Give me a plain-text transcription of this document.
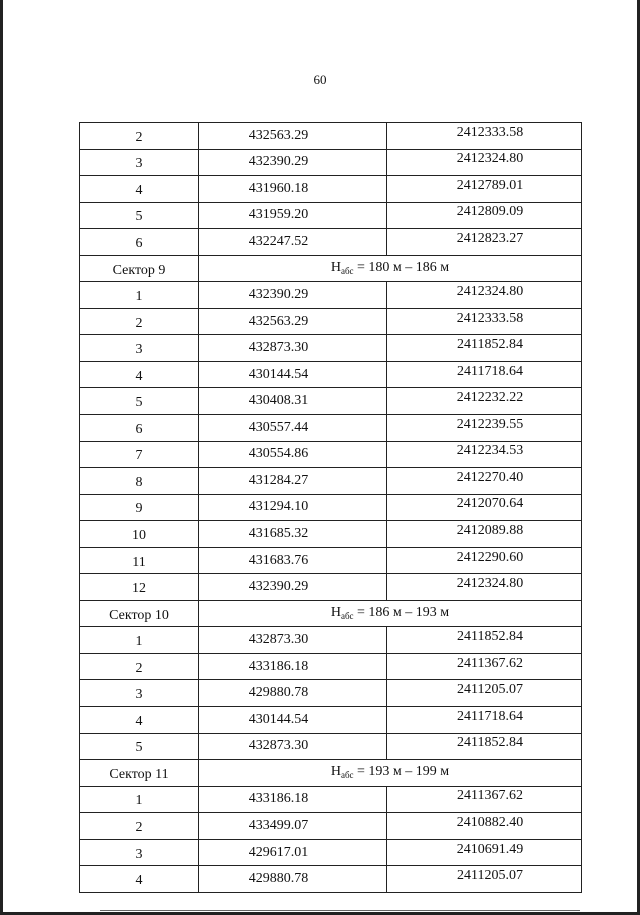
60
2	432563.29	2412333.58
3	432390.29	2412324.80
4	431960.18	2412789.01
5	431959.20	2412809.09
6	432247.52	2412823.27
Сектор 9	$H_{абс} = 180$ м – 186 м	
1	432390.29	2412324.80
2	432563.29	2412333.58
3	432873.30	2411852.84
4	430144.54	2411718.64
5	430408.31	2412232.22
6	430557.44	2412239.55
7	430554.86	2412234.53
8	431284.27	2412270.40
9	431294.10	2412070.64
10	431685.32	2412089.88
11	431683.76	2412290.60
12	432390.29	2412324.80
Сектор 10	$H_{абс} = 186$ м – 193 м	
1	432873.30	2411852.84
2	433186.18	2411367.62
3	429880.78	2411205.07
4	430144.54	2411718.64
5	432873.30	2411852.84
Сектор 11	$H_{абс} = 193$ м – 199 м	
1	433186.18	2411367.62
2	433499.07	2410882.40
3	429617.01	2410691.49
4	429880.78	2411205.07
